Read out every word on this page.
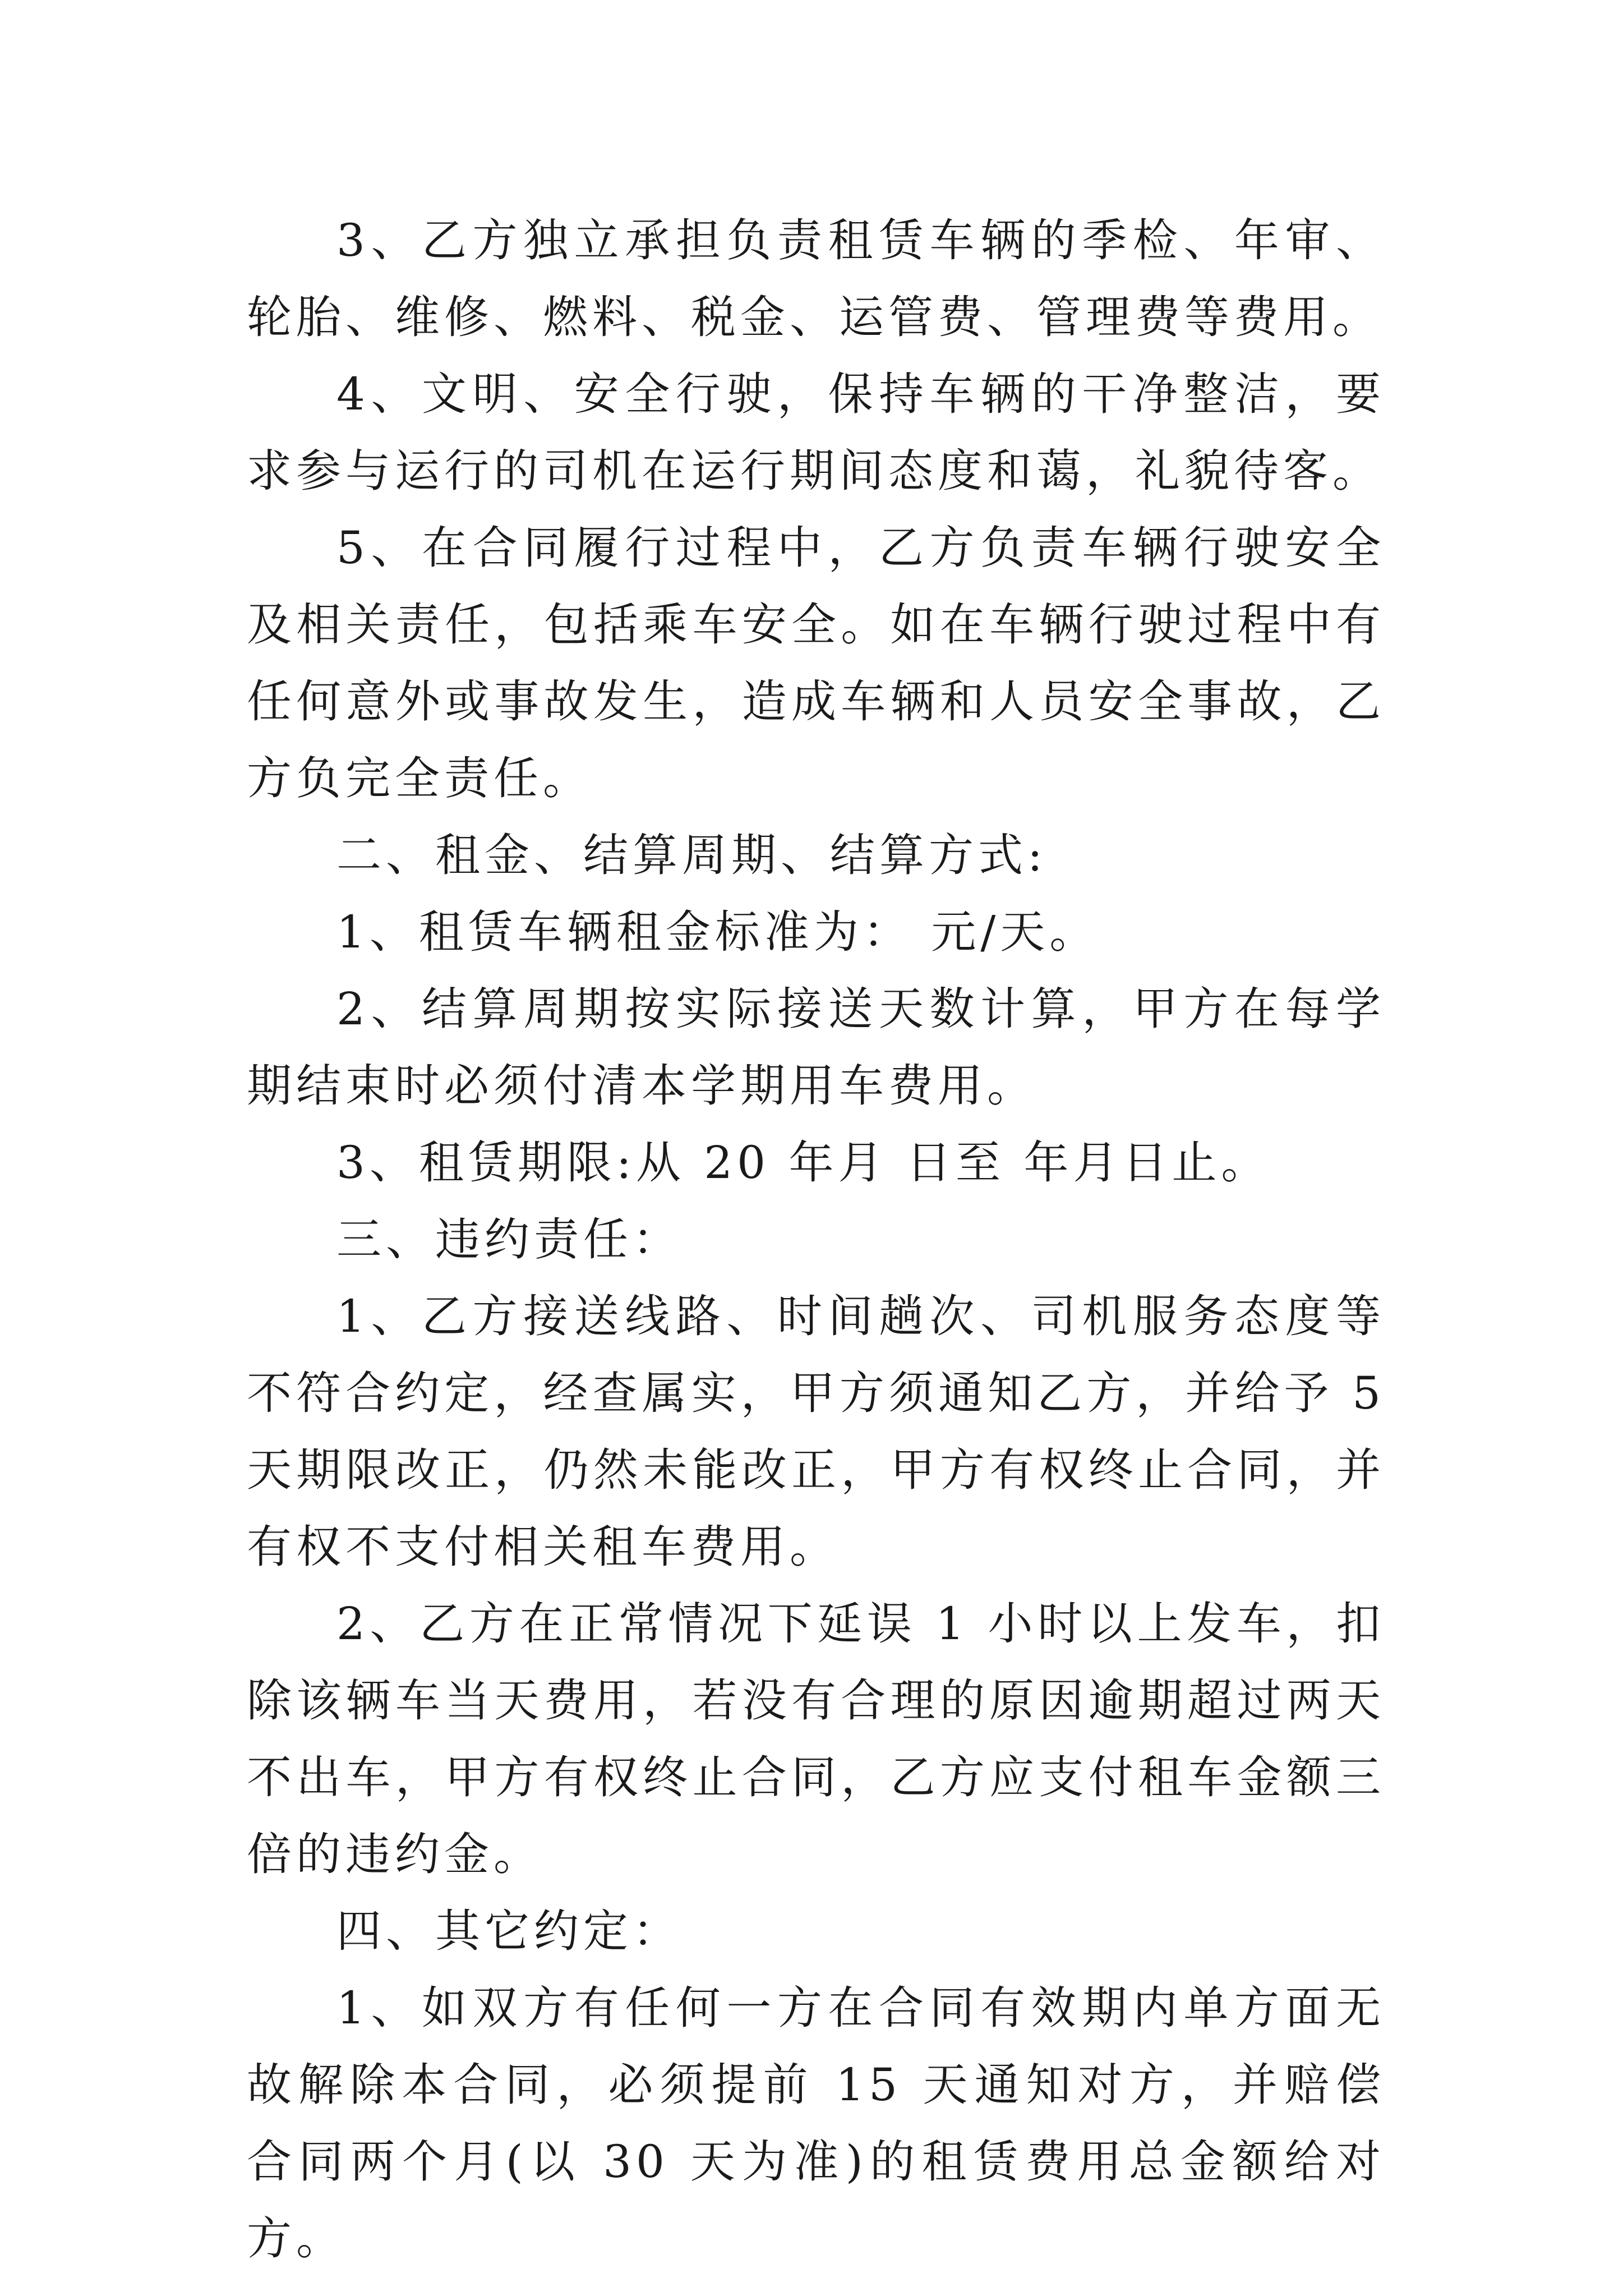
3、乙方独立承担负责租赁车辆的季检、年审、轮胎、维修、燃料、税金、运管费、管理费等费用。

4、文明、安全行驶，保持车辆的干净整洁，要求参与运行的司机在运行期间态度和蔼，礼貌待客。

5、在合同履行过程中，乙方负责车辆行驶安全及相关责任，包括乘车安全。如在车辆行驶过程中有任何意外或事故发生，造成车辆和人员安全事故，乙方负完全责任。

二、租金、结算周期、结算方式:

1、租赁车辆租金标准为： 元/天。

2、结算周期按实际接送天数计算，甲方在每学期结束时必须付清本学期用车费用。

3、租赁期限:从 20 年月 日至 年月日止。

三、违约责任：

1、乙方接送线路、时间趟次、司机服务态度等不符合约定，经查属实，甲方须通知乙方，并给予 5 天期限改正，仍然未能改正，甲方有权终止合同，并有权不支付相关租车费用。

2、乙方在正常情况下延误 1 小时以上发车，扣除该辆车当天费用，若没有合理的原因逾期超过两天不出车，甲方有权终止合同，乙方应支付租车金额三倍的违约金。

四、其它约定：

1、如双方有任何一方在合同有效期内单方面无故解除本合同，必须提前 15 天通知对方，并赔偿合同两个月(以 30 天为准)的租赁费用总金额给对方。
